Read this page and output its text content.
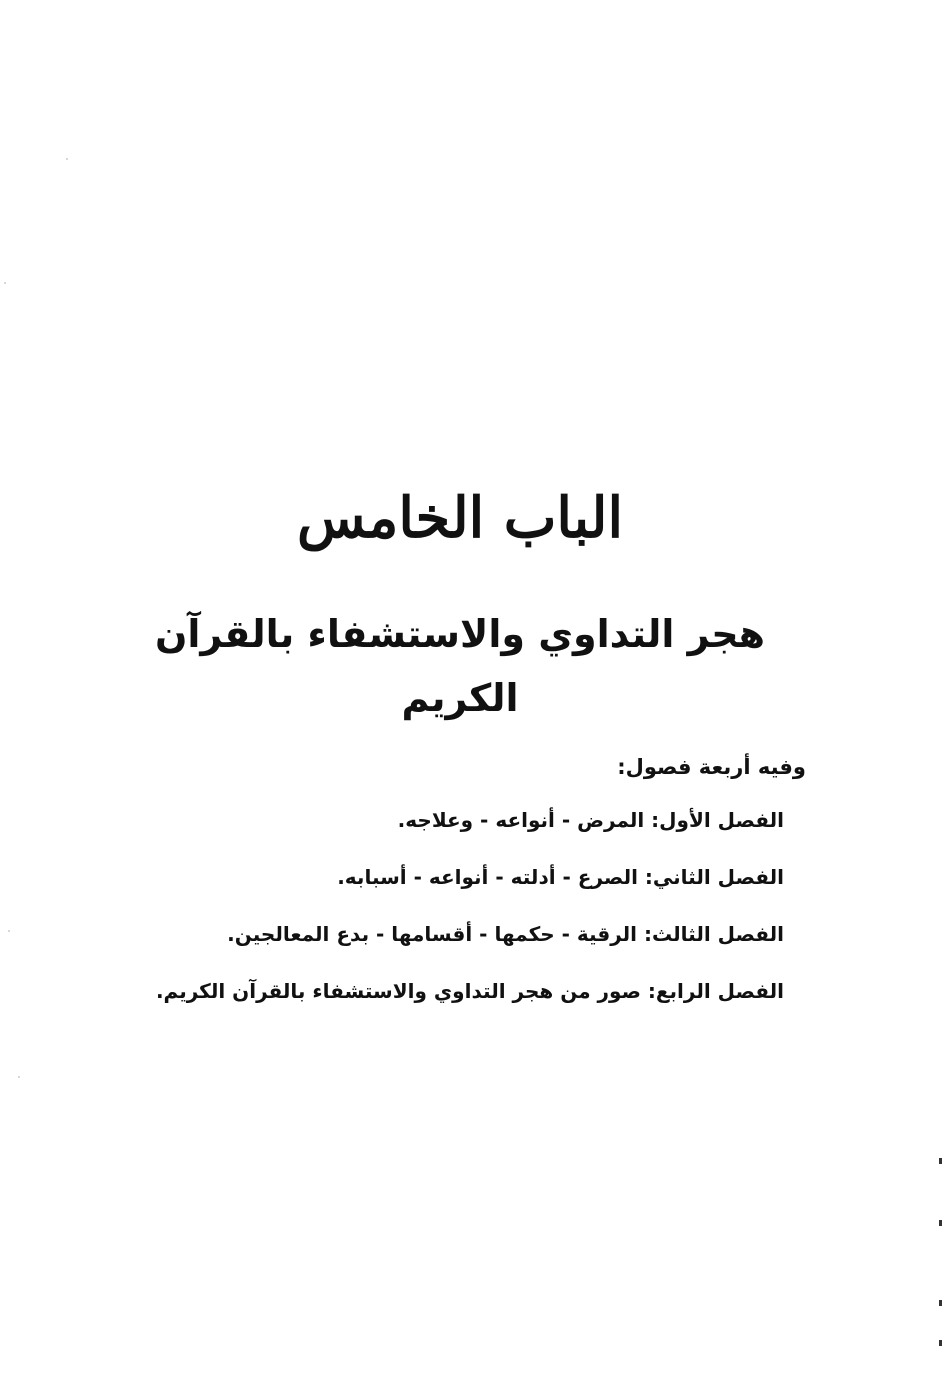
الباب الخامس
هجر التداوي والاستشفاء بالقرآن الكريم
وفيه أربعة فصول:
الفصل الأول: المرض - أنواعه - وعلاجه.
الفصل الثاني: الصرع - أدلته - أنواعه - أسبابه.
الفصل الثالث: الرقية - حكمها - أقسامها - بدع المعالجين.
الفصل الرابع: صور من هجر التداوي والاستشفاء بالقرآن الكريم.
